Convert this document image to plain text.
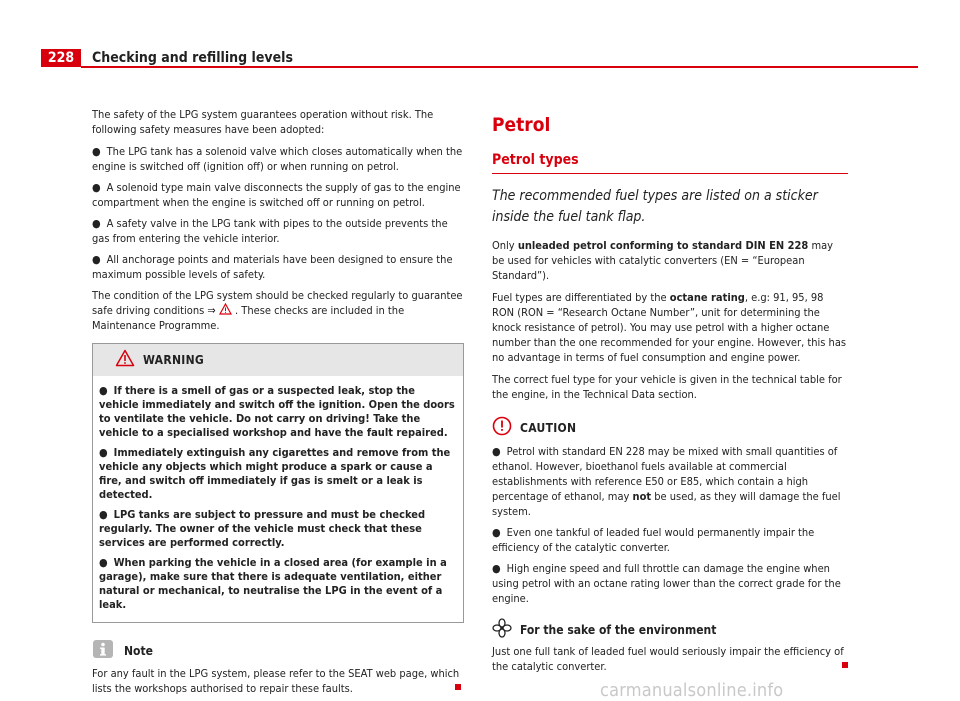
228	Checking and refilling levels

The safety of the LPG system guarantees operation without risk. The following safety measures have been adopted:

● The LPG tank has a solenoid valve which closes automatically when the engine is switched off (ignition off) or when running on petrol.
● A solenoid type main valve disconnects the supply of gas to the engine compartment when the engine is switched off or running on petrol.
● A safety valve in the LPG tank with pipes to the outside prevents the gas from entering the vehicle interior.
● All anchorage points and materials have been designed to ensure the maximum possible levels of safety.

The condition of the LPG system should be checked regularly to guarantee safe driving conditions ⇒ . These checks are included in the Maintenance Programme.

WARNING
● If there is a smell of gas or a suspected leak, stop the vehicle immediately and switch off the ignition. Open the doors to ventilate the vehicle. Do not carry on driving! Take the vehicle to a specialised workshop and have the fault repaired.
● Immediately extinguish any cigarettes and remove from the vehicle any objects which might produce a spark or cause a fire, and switch off immediately if gas is smelt or a leak is detected.
● LPG tanks are subject to pressure and must be checked regularly. The owner of the vehicle must check that these services are performed correctly.
● When parking the vehicle in a closed area (for example in a garage), make sure that there is adequate ventilation, either natural or mechanical, to neutralise the LPG in the event of a leak.
Note
For any fault in the LPG system, please refer to the SEAT web page, which lists the workshops authorised to repair these faults.
Petrol
Petrol types
The recommended fuel types are listed on a sticker inside the fuel tank flap.

Only unleaded petrol conforming to standard DIN EN 228 may be used for vehicles with catalytic converters (EN = “European Standard”).

Fuel types are differentiated by the octane rating, e.g: 91, 95, 98 RON (RON = “Research Octane Number”, unit for determining the knock resistance of petrol). You may use petrol with a higher octane number than the one recommended for your engine. However, this has no advantage in terms of fuel consumption and engine power.

The correct fuel type for your vehicle is given in the technical table for the engine, in the Technical Data section.

CAUTION
● Petrol with standard EN 228 may be mixed with small quantities of ethanol. However, bioethanol fuels available at commercial establishments with reference E50 or E85, which contain a high percentage of ethanol, may not be used, as they will damage the fuel system.
● Even one tankful of leaded fuel would permanently impair the efficiency of the catalytic converter.
● High engine speed and full throttle can damage the engine when using petrol with an octane rating lower than the correct grade for the engine.
For the sake of the environment
Just one full tank of leaded fuel would seriously impair the efficiency of the catalytic converter.
carmanualsonline.info
